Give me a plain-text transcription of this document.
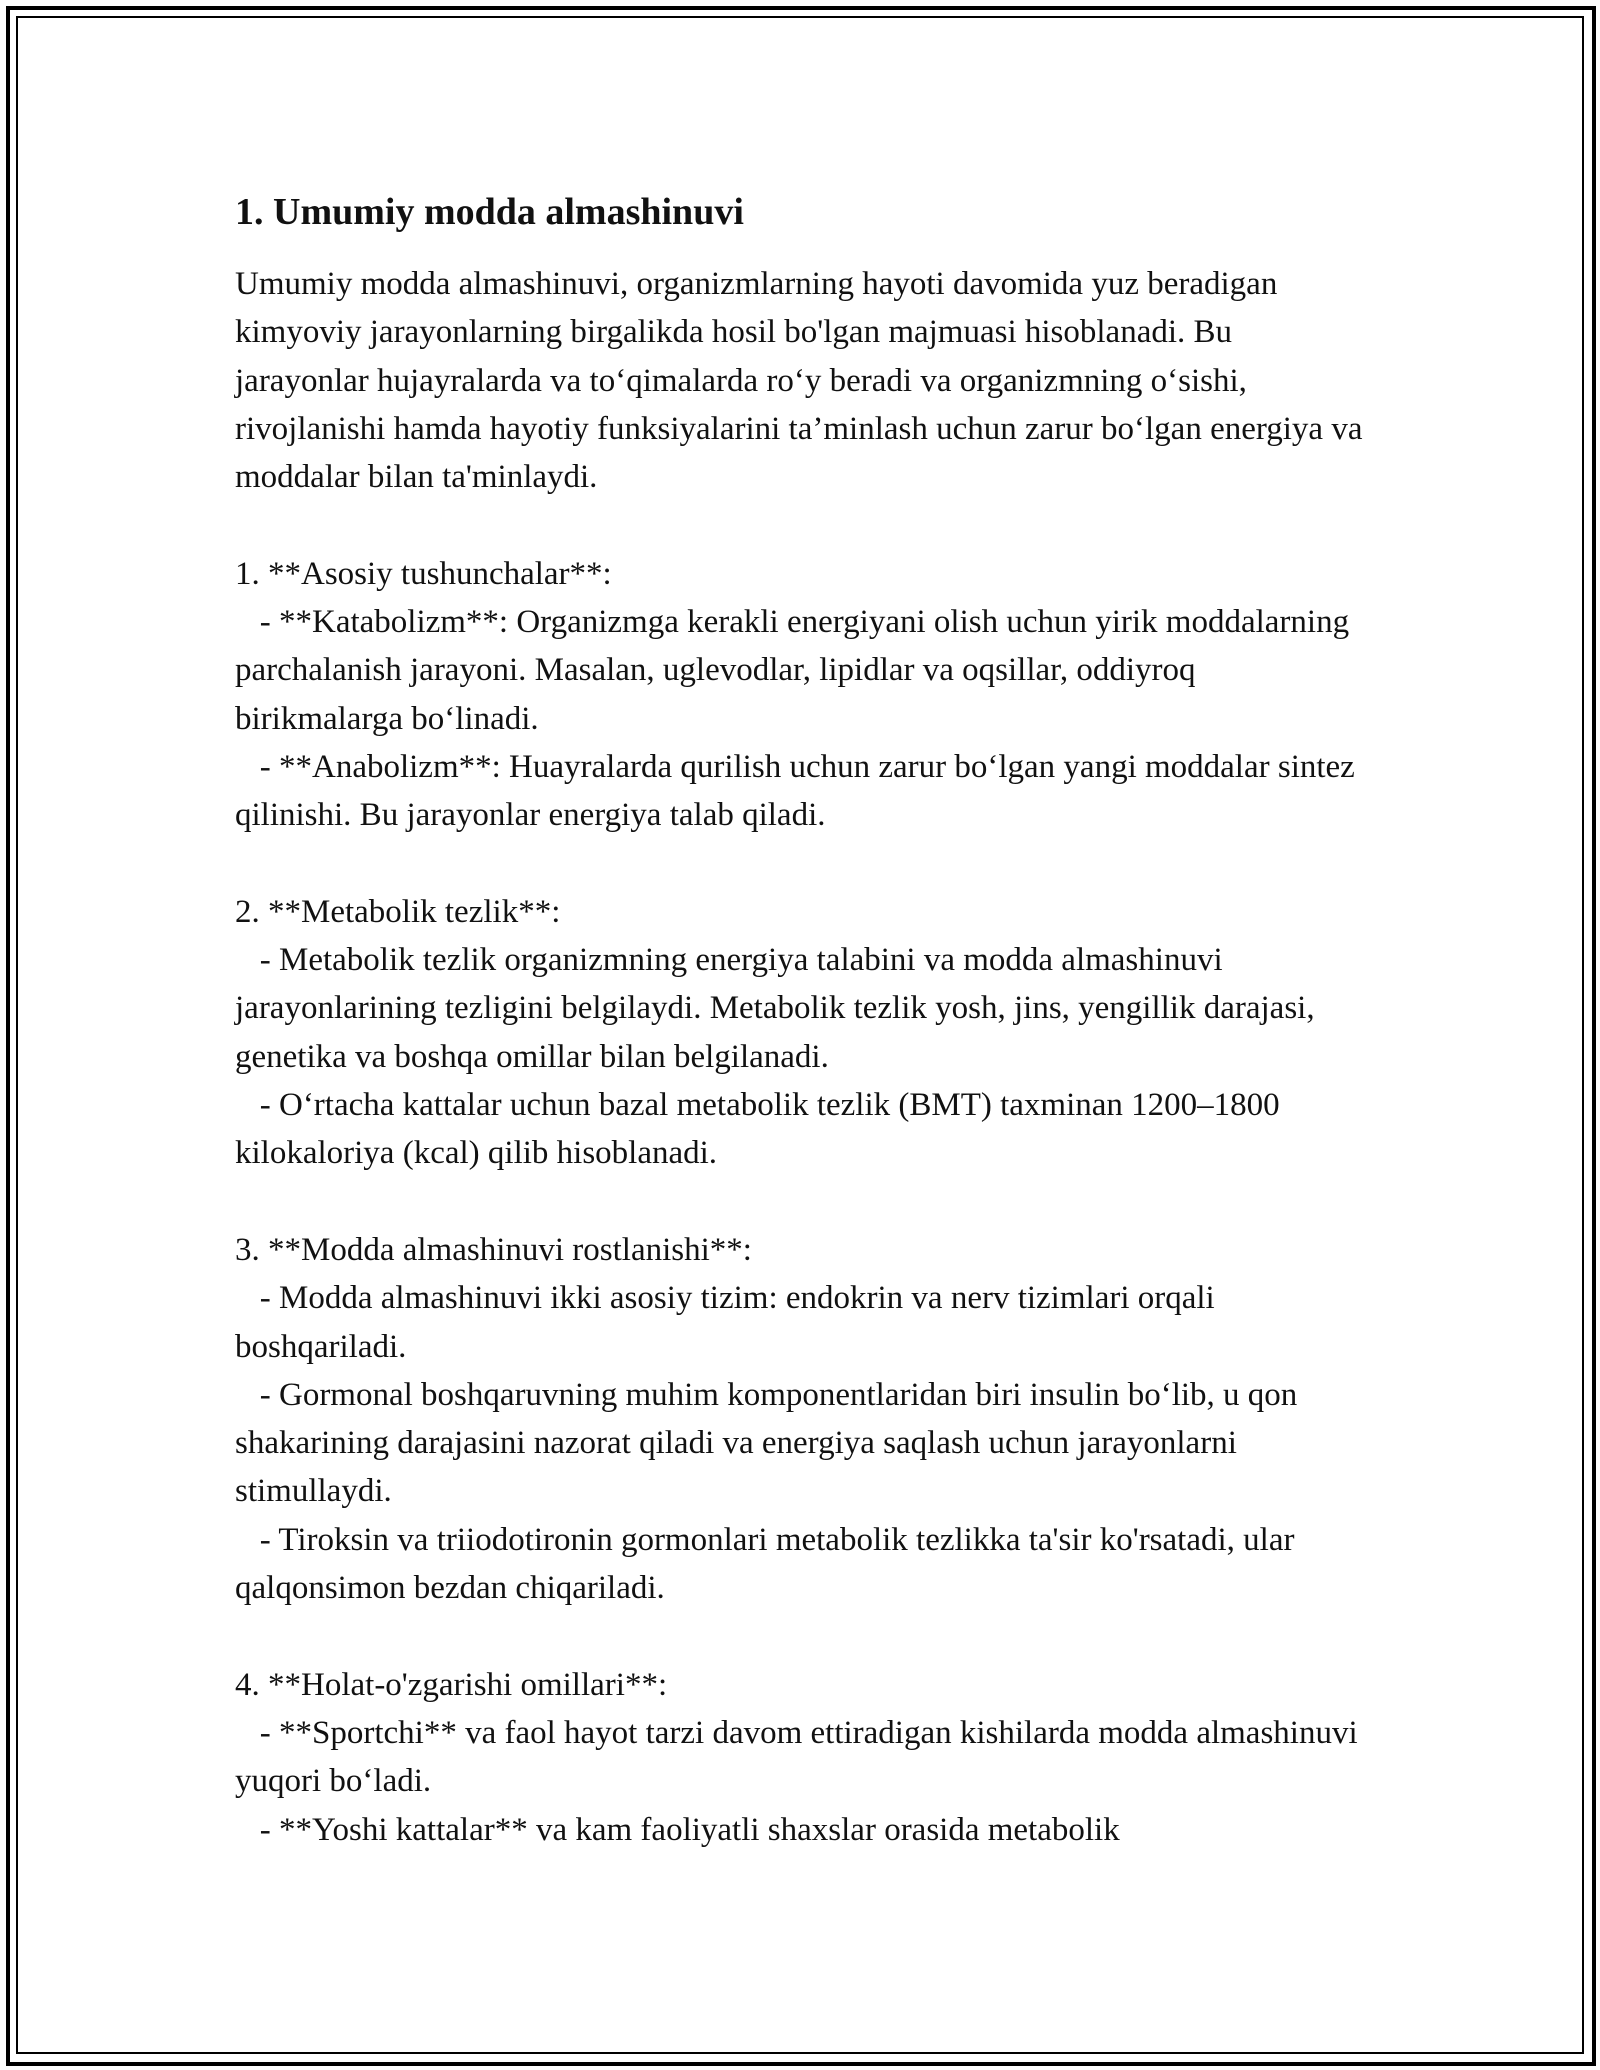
1. Umumiy modda almashinuvi

Umumiy modda almashinuvi, organizmlarning hayoti davomida yuz beradigan kimyoviy jarayonlarning birgalikda hosil bo'lgan majmuasi hisoblanadi. Bu jarayonlar hujayralarda va to‘qimalarda ro‘y beradi va organizmning o‘sishi, rivojlanishi hamda hayotiy funksiyalarini ta’minlash uchun zarur bo‘lgan energiya va moddalar bilan ta'minlaydi.

1. **Asosiy tushunchalar**:

- **Katabolizm**: Organizmga kerakli energiyani olish uchun yirik moddalarning parchalanish jarayoni. Masalan, uglevodlar, lipidlar va oqsillar, oddiyroq birikmalarga bo‘linadi.

- **Anabolizm**: Huayralarda qurilish uchun zarur bo‘lgan yangi moddalar sintez qilinishi. Bu jarayonlar energiya talab qiladi.

2. **Metabolik tezlik**:

- Metabolik tezlik organizmning energiya talabini va modda almashinuvi jarayonlarining tezligini belgilaydi. Metabolik tezlik yosh, jins, yengillik darajasi, genetika va boshqa omillar bilan belgilanadi.

- O‘rtacha kattalar uchun bazal metabolik tezlik (BMT) taxminan 1200–1800 kilokaloriya (kcal) qilib hisoblanadi.

3. **Modda almashinuvi rostlanishi**:

- Modda almashinuvi ikki asosiy tizim: endokrin va nerv tizimlari orqali boshqariladi.

- Gormonal boshqaruvning muhim komponentlaridan biri insulin bo‘lib, u qon shakarining darajasini nazorat qiladi va energiya saqlash uchun jarayonlarni stimullaydi.

- Tiroksin va triiodotironin gormonlari metabolik tezlikka ta'sir ko'rsatadi, ular qalqonsimon bezdan chiqariladi.

4. **Holat-o'zgarishi omillari**:

- **Sportchi** va faol hayot tarzi davom ettiradigan kishilarda modda almashinuvi yuqori bo‘ladi.

- **Yoshi kattalar** va kam faoliyatli shaxslar orasida metabolik
